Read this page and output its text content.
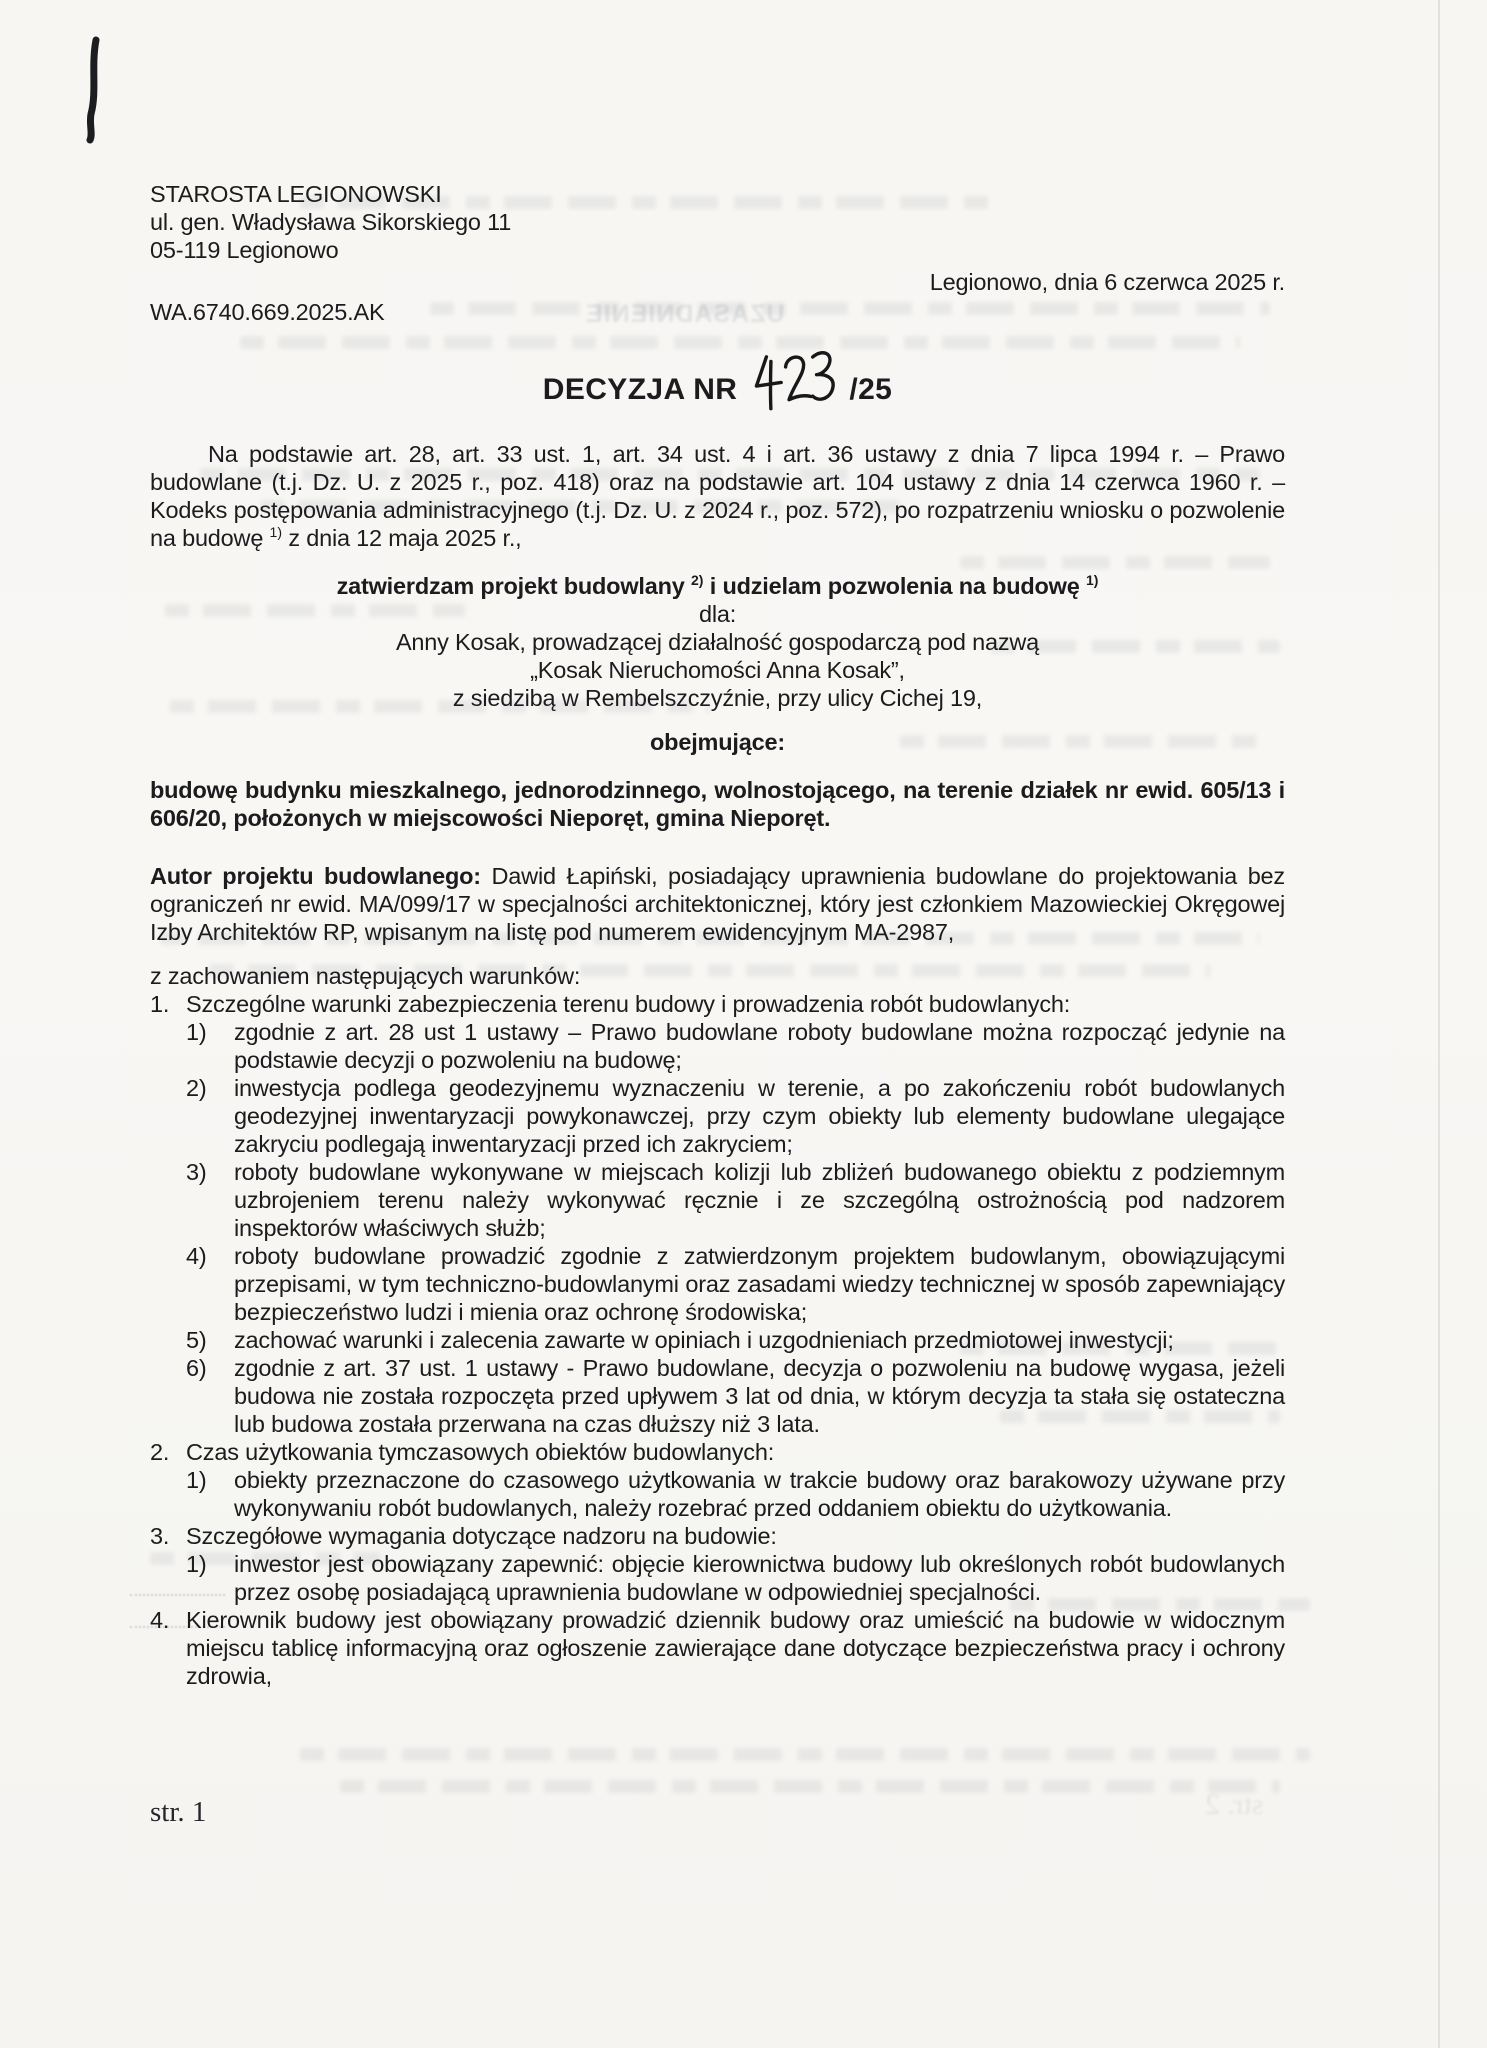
UZASADNIENIE
str. 2
STAROSTA LEGIONOWSKI
ul. gen. Władysława Sikorskiego 11
05-119 Legionowo
Legionowo, dnia 6 czerwca 2025 r.
WA.6740.669.2025.AK
DECYZJA NR	/25

Na podstawie art. 28, art. 33 ust. 1, art. 34 ust. 4 i art. 36 ustawy z dnia 7 lipca 1994 r. – Prawo budowlane (t.j. Dz. U. z 2025 r., poz. 418) oraz na podstawie art. 104 ustawy z dnia 14 czerwca 1960 r. – Kodeks postępowania administracyjnego (t.j. Dz. U. z 2024 r., poz. 572), po rozpatrzeniu wniosku o pozwolenie na budowę $^{1)}$ z dnia 12 maja 2025 r.,

zatwierdzam projekt budowlany $^{2)}$ i udzielam pozwolenia na budowę $^{1)}$
dla:
Anny Kosak, prowadzącej działalność gospodarczą pod nazwą
„Kosak Nieruchomości Anna Kosak”,
z siedzibą w Rembelszczyźnie, przy ulicy Cichej 19,
obejmujące:

budowę budynku mieszkalnego, jednorodzinnego, wolnostojącego, na terenie działek nr ewid. 605/13 i 606/20, położonych w miejscowości Nieporęt, gmina Nieporęt.

Autor projektu budowlanego: Dawid Łapiński, posiadający uprawnienia budowlane do projektowania bez ograniczeń nr ewid. MA/099/17 w specjalności architektonicznej, który jest członkiem Mazowieckiej Okręgowej Izby Architektów RP, wpisanym na listę pod numerem ewidencyjnym MA-2987,

z zachowaniem następujących warunków:
1. Szczególne warunki zabezpieczenia terenu budowy i prowadzenia robót budowlanych:
1)	zgodnie z art. 28 ust 1 ustawy – Prawo budowlane roboty budowlane można rozpocząć jedynie na podstawie decyzji o pozwoleniu na budowę;
2)	inwestycja podlega geodezyjnemu wyznaczeniu w terenie, a po zakończeniu robót budowlanych geodezyjnej inwentaryzacji powykonawczej, przy czym obiekty lub elementy budowlane ulegające zakryciu podlegają inwentaryzacji przed ich zakryciem;
3)	roboty budowlane wykonywane w miejscach kolizji lub zbliżeń budowanego obiektu z podziemnym uzbrojeniem terenu należy wykonywać ręcznie i ze szczególną ostrożnością pod nadzorem inspektorów właściwych służb;
4)	roboty budowlane prowadzić zgodnie z zatwierdzonym projektem budowlanym, obowiązującymi przepisami, w tym techniczno-budowlanymi oraz zasadami wiedzy technicznej w sposób zapewniający bezpieczeństwo ludzi i mienia oraz ochronę środowiska;
5)	zachować warunki i zalecenia zawarte w opiniach i uzgodnieniach przedmiotowej inwestycji;
6)	zgodnie z art. 37 ust. 1 ustawy - Prawo budowlane, decyzja o pozwoleniu na budowę wygasa, jeżeli budowa nie została rozpoczęta przed upływem 3 lat od dnia, w którym decyzja ta stała się ostateczna lub budowa została przerwana na czas dłuższy niż 3 lata.
2. Czas użytkowania tymczasowych obiektów budowlanych:
1)	obiekty przeznaczone do czasowego użytkowania w trakcie budowy oraz barakowozy używane przy wykonywaniu robót budowlanych, należy rozebrać przed oddaniem obiektu do użytkowania.
3. Szczegółowe wymagania dotyczące nadzoru na budowie:
1)	inwestor jest obowiązany zapewnić: objęcie kierownictwa budowy lub określonych robót budowlanych przez osobę posiadającą uprawnienia budowlane w odpowiedniej specjalności.
4. Kierownik budowy jest obowiązany prowadzić dziennik budowy oraz umieścić na budowie w widocznym miejscu tablicę informacyjną oraz ogłoszenie zawierające dane dotyczące bezpieczeństwa pracy i ochrony zdrowia,
str. 1
